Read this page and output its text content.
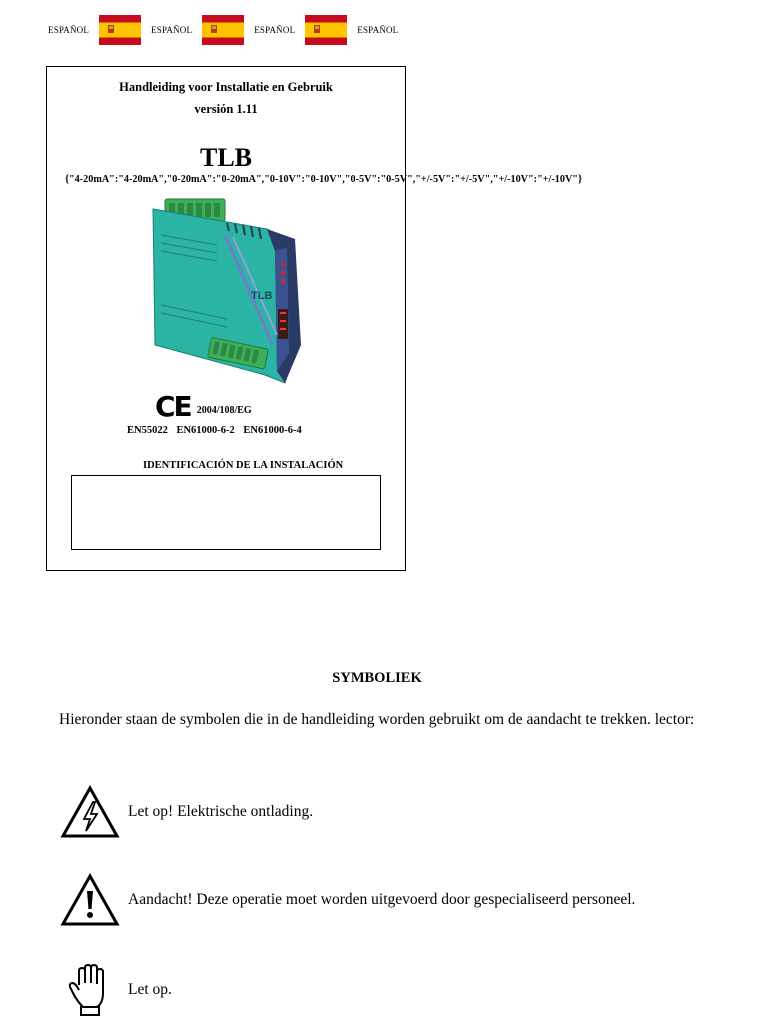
ESPAÑOL	ESPAÑOL	ESPAÑOL	ESPAÑOL
Handleiding voor Installatie en Gebruik
versión 1.11
TLB
{"4-20mA":"4-20mA","0-20mA":"0-20mA","0-10V":"0-10V","0-5V":"0-5V","+/-5V":"+/-5V","+/-10V":"+/-10V"}
TLB
CE 2004/108/EG
EN55022 EN61000-6-2 EN61000-6-4
IDENTIFICACIÓN DE LA INSTALACIÓN
SYMBOLIEK
Hieronder staan de symbolen die in de handleiding worden gebruikt om de aandacht te trekken. lector:
Let op! Elektrische ontlading.
Aandacht! Deze operatie moet worden uitgevoerd door gespecialiseerd personeel.
Let op.
